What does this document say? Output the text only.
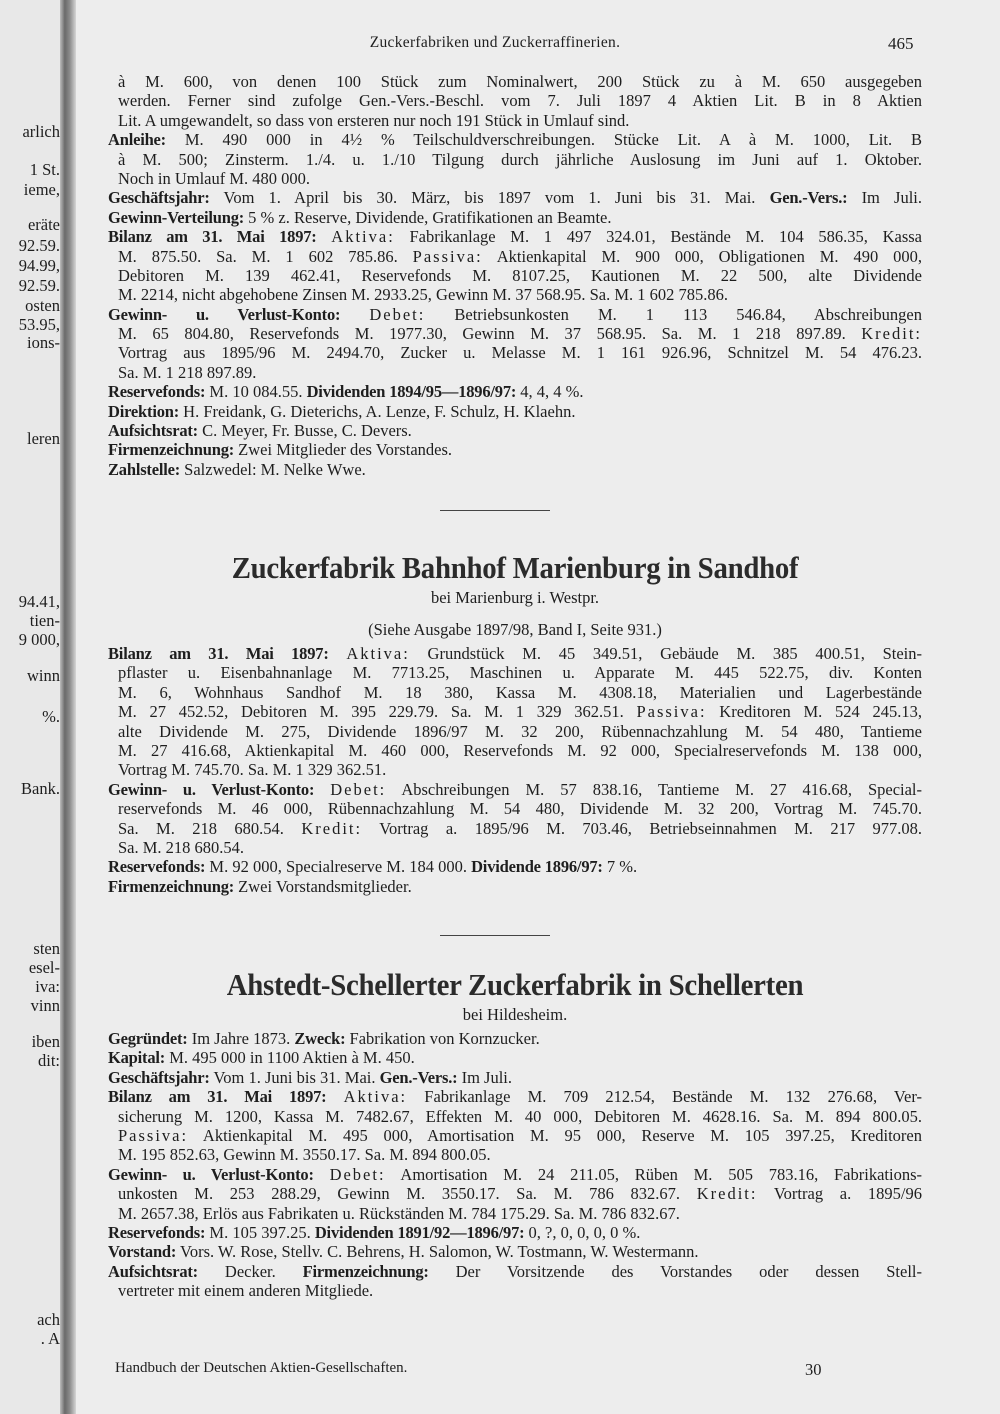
arlich
1 St.
ieme,
eräte
92.59.
94.99,
92.59.
osten
53.95,
ions-
leren
94.41,
tien-
9 000,
winn
%.
Bank.
sten
esel-
iva:
vinn
iben
dit:
ach
. A
Zuckerfabriken und Zuckerraffinerien.	465
à M. 600, von denen 100 Stück zum Nominalwert, 200 Stück zu à M. 650 ausgegeben
werden. Ferner sind zufolge Gen.-Vers.-Beschl. vom 7. Juli 1897 4 Aktien Lit. B in 8 Aktien
Lit. A umgewandelt, so dass von ersteren nur noch 191 Stück in Umlauf sind.
Anleihe: M. 490 000 in 4½ % Teilschuldverschreibungen. Stücke Lit. A à M. 1000, Lit. B
à M. 500; Zinsterm. 1./4. u. 1./10 Tilgung durch jährliche Auslosung im Juni auf 1. Oktober.
Noch in Umlauf M. 480 000.
Geschäftsjahr: Vom 1. April bis 30. März, bis 1897 vom 1. Juni bis 31. Mai. Gen.-Vers.: Im Juli.
Gewinn-Verteilung: 5 % z. Reserve, Dividende, Gratifikationen an Beamte.
Bilanz am 31. Mai 1897: Aktiva: Fabrikanlage M. 1 497 324.01, Bestände M. 104 586.35, Kassa
M. 875.50. Sa. M. 1 602 785.86. Passiva: Aktienkapital M. 900 000, Obligationen M. 490 000,
Debitoren M. 139 462.41, Reservefonds M. 8107.25, Kautionen M. 22 500, alte Dividende
M. 2214, nicht abgehobene Zinsen M. 2933.25, Gewinn M. 37 568.95. Sa. M. 1 602 785.86.
Gewinn- u. Verlust-Konto: Debet: Betriebsunkosten M. 1 113 546.84, Abschreibungen
M. 65 804.80, Reservefonds M. 1977.30, Gewinn M. 37 568.95. Sa. M. 1 218 897.89. Kredit:
Vortrag aus 1895/96 M. 2494.70, Zucker u. Melasse M. 1 161 926.96, Schnitzel M. 54 476.23.
Sa. M. 1 218 897.89.
Reservefonds: M. 10 084.55. Dividenden 1894/95—1896/97: 4, 4, 4 %.
Direktion: H. Freidank, G. Dieterichs, A. Lenze, F. Schulz, H. Klaehn.
Aufsichtsrat: C. Meyer, Fr. Busse, C. Devers.
Firmenzeichnung: Zwei Mitglieder des Vorstandes.
Zahlstelle: Salzwedel: M. Nelke Wwe.
Zuckerfabrik Bahnhof Marienburg in Sandhof
bei Marienburg i. Westpr.
(Siehe Ausgabe 1897/98, Band I, Seite 931.)
Bilanz am 31. Mai 1897: Aktiva: Grundstück M. 45 349.51, Gebäude M. 385 400.51, Stein-
pflaster u. Eisenbahnanlage M. 7713.25, Maschinen u. Apparate M. 445 522.75, div. Konten
M. 6, Wohnhaus Sandhof M. 18 380, Kassa M. 4308.18, Materialien und Lagerbestände
M. 27 452.52, Debitoren M. 395 229.79. Sa. M. 1 329 362.51. Passiva: Kreditoren M. 524 245.13,
alte Dividende M. 275, Dividende 1896/97 M. 32 200, Rübennachzahlung M. 54 480, Tantieme
M. 27 416.68, Aktienkapital M. 460 000, Reservefonds M. 92 000, Specialreservefonds M. 138 000,
Vortrag M. 745.70. Sa. M. 1 329 362.51.
Gewinn- u. Verlust-Konto: Debet: Abschreibungen M. 57 838.16, Tantieme M. 27 416.68, Special-
reservefonds M. 46 000, Rübennachzahlung M. 54 480, Dividende M. 32 200, Vortrag M. 745.70.
Sa. M. 218 680.54. Kredit: Vortrag a. 1895/96 M. 703.46, Betriebseinnahmen M. 217 977.08.
Sa. M. 218 680.54.
Reservefonds: M. 92 000, Specialreserve M. 184 000. Dividende 1896/97: 7 %.
Firmenzeichnung: Zwei Vorstandsmitglieder.
Ahstedt-Schellerter Zuckerfabrik in Schellerten
bei Hildesheim.
Gegründet: Im Jahre 1873. Zweck: Fabrikation von Kornzucker.
Kapital: M. 495 000 in 1100 Aktien à M. 450.
Geschäftsjahr: Vom 1. Juni bis 31. Mai. Gen.-Vers.: Im Juli.
Bilanz am 31. Mai 1897: Aktiva: Fabrikanlage M. 709 212.54, Bestände M. 132 276.68, Ver-
sicherung M. 1200, Kassa M. 7482.67, Effekten M. 40 000, Debitoren M. 4628.16. Sa. M. 894 800.05.
Passiva: Aktienkapital M. 495 000, Amortisation M. 95 000, Reserve M. 105 397.25, Kreditoren
M. 195 852.63, Gewinn M. 3550.17. Sa. M. 894 800.05.
Gewinn- u. Verlust-Konto: Debet: Amortisation M. 24 211.05, Rüben M. 505 783.16, Fabrikations-
unkosten M. 253 288.29, Gewinn M. 3550.17. Sa. M. 786 832.67. Kredit: Vortrag a. 1895/96
M. 2657.38, Erlös aus Fabrikaten u. Rückständen M. 784 175.29. Sa. M. 786 832.67.
Reservefonds: M. 105 397.25. Dividenden 1891/92—1896/97: 0, ?, 0, 0, 0, 0 %.
Vorstand: Vors. W. Rose, Stellv. C. Behrens, H. Salomon, W. Tostmann, W. Westermann.
Aufsichtsrat: Decker. Firmenzeichnung: Der Vorsitzende des Vorstandes oder dessen Stell-
vertreter mit einem anderen Mitgliede.
Handbuch der Deutschen Aktien-Gesellschaften.	30
